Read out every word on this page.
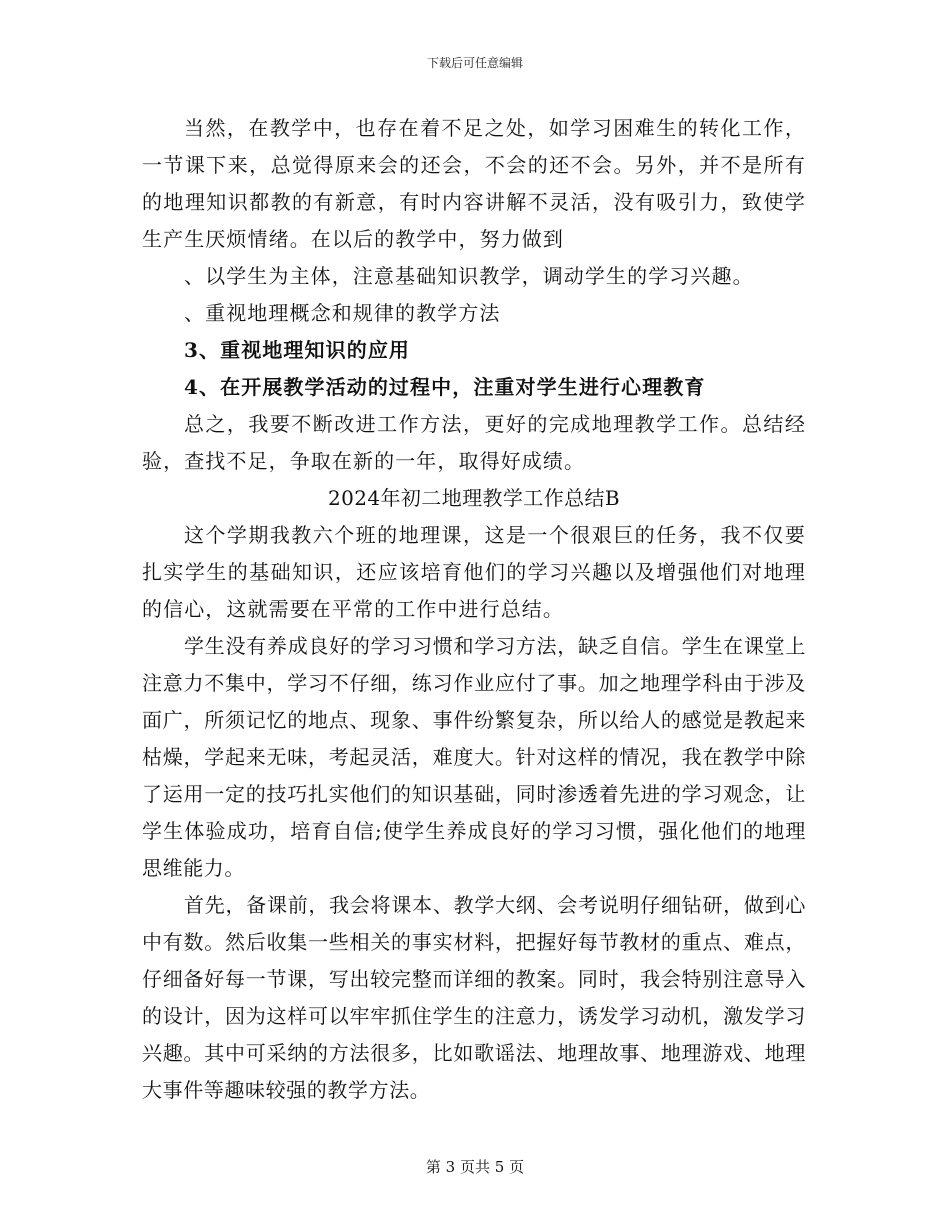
下载后可任意编辑

当然，在教学中，也存在着不足之处，如学习困难生的转化工作，一节课下来，总觉得原来会的还会，不会的还不会。另外，并不是所有的地理知识都教的有新意，有时内容讲解不灵活，没有吸引力，致使学生产生厌烦情绪。在以后的教学中，努力做到

、以学生为主体，注意基础知识教学，调动学生的学习兴趣。

、重视地理概念和规律的教学方法

3、重视地理知识的应用

4、在开展教学活动的过程中，注重对学生进行心理教育

总之，我要不断改进工作方法，更好的完成地理教学工作。总结经验，查找不足，争取在新的一年，取得好成绩。

2024年初二地理教学工作总结B

这个学期我教六个班的地理课，这是一个很艰巨的任务，我不仅要扎实学生的基础知识，还应该培育他们的学习兴趣以及增强他们对地理的信心，这就需要在平常的工作中进行总结。

学生没有养成良好的学习习惯和学习方法，缺乏自信。学生在课堂上注意力不集中，学习不仔细，练习作业应付了事。加之地理学科由于涉及面广，所须记忆的地点、现象、事件纷繁复杂，所以给人的感觉是教起来枯燥，学起来无味，考起灵活，难度大。针对这样的情况，我在教学中除了运用一定的技巧扎实他们的知识基础，同时渗透着先进的学习观念，让学生体验成功，培育自信;使学生养成良好的学习习惯，强化他们的地理思维能力。

首先，备课前，我会将课本、教学大纲、会考说明仔细钻研，做到心中有数。然后收集一些相关的事实材料，把握好每节教材的重点、难点，仔细备好每一节课，写出较完整而详细的教案。同时，我会特别注意导入的设计，因为这样可以牢牢抓住学生的注意力，诱发学习动机，激发学习兴趣。其中可采纳的方法很多，比如歌谣法、地理故事、地理游戏、地理大事件等趣味较强的教学方法。

第 3 页共 5 页
